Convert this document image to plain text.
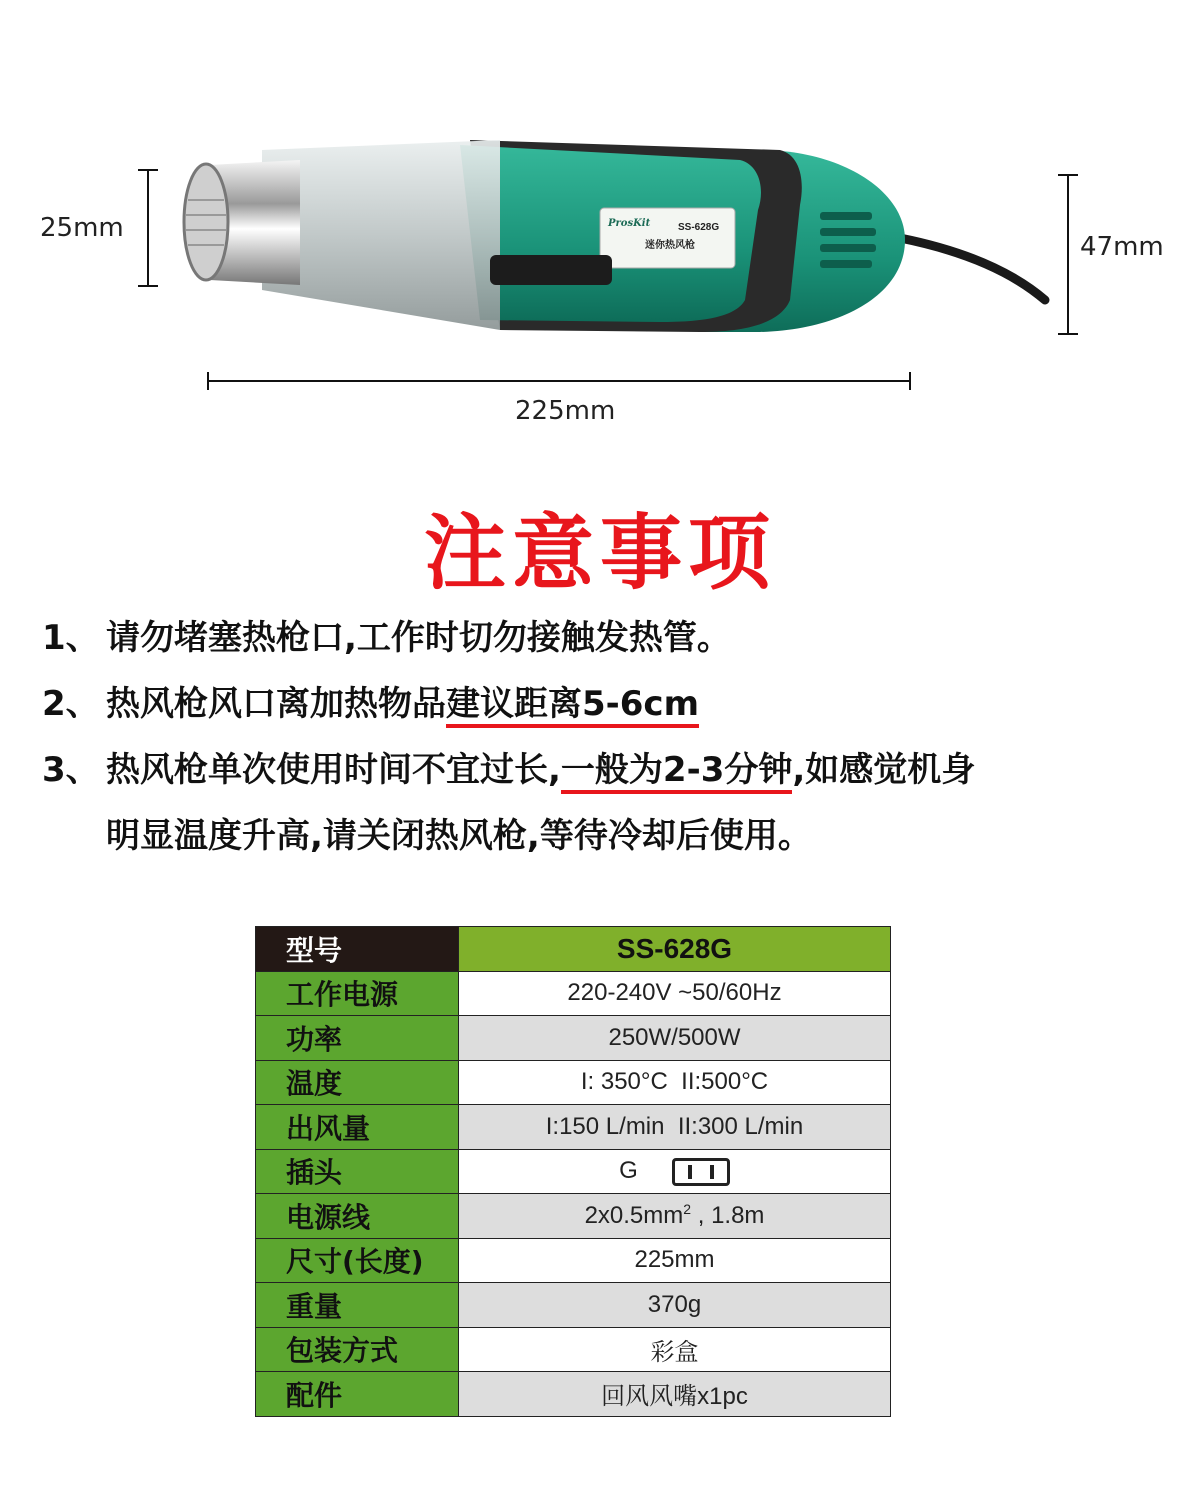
ProsKit	SS-628G
迷你热风枪
25mm
47mm
225mm
注意事项
1、 请勿堵塞热枪口,工作时切勿接触发热管。
2、 热风枪风口离加热物品建议距离5-6cm
3、 热风枪单次使用时间不宜过长,一般为2-3分钟,如感觉机身
明显温度升高,请关闭热风枪,等待冷却后使用。
型号	SS-628G
工作电源	220-240V ~50/60Hz
功率	250W/500W
温度	I: 350°C  II:500°C
出风量	I:150 L/min  II:300 L/min
插头	G
电源线	$2x0.5mm^2$ , 1.8m
尺寸(长度)	225mm
重量	370g
包装方式	彩盒
配件	回风风嘴x1pc
